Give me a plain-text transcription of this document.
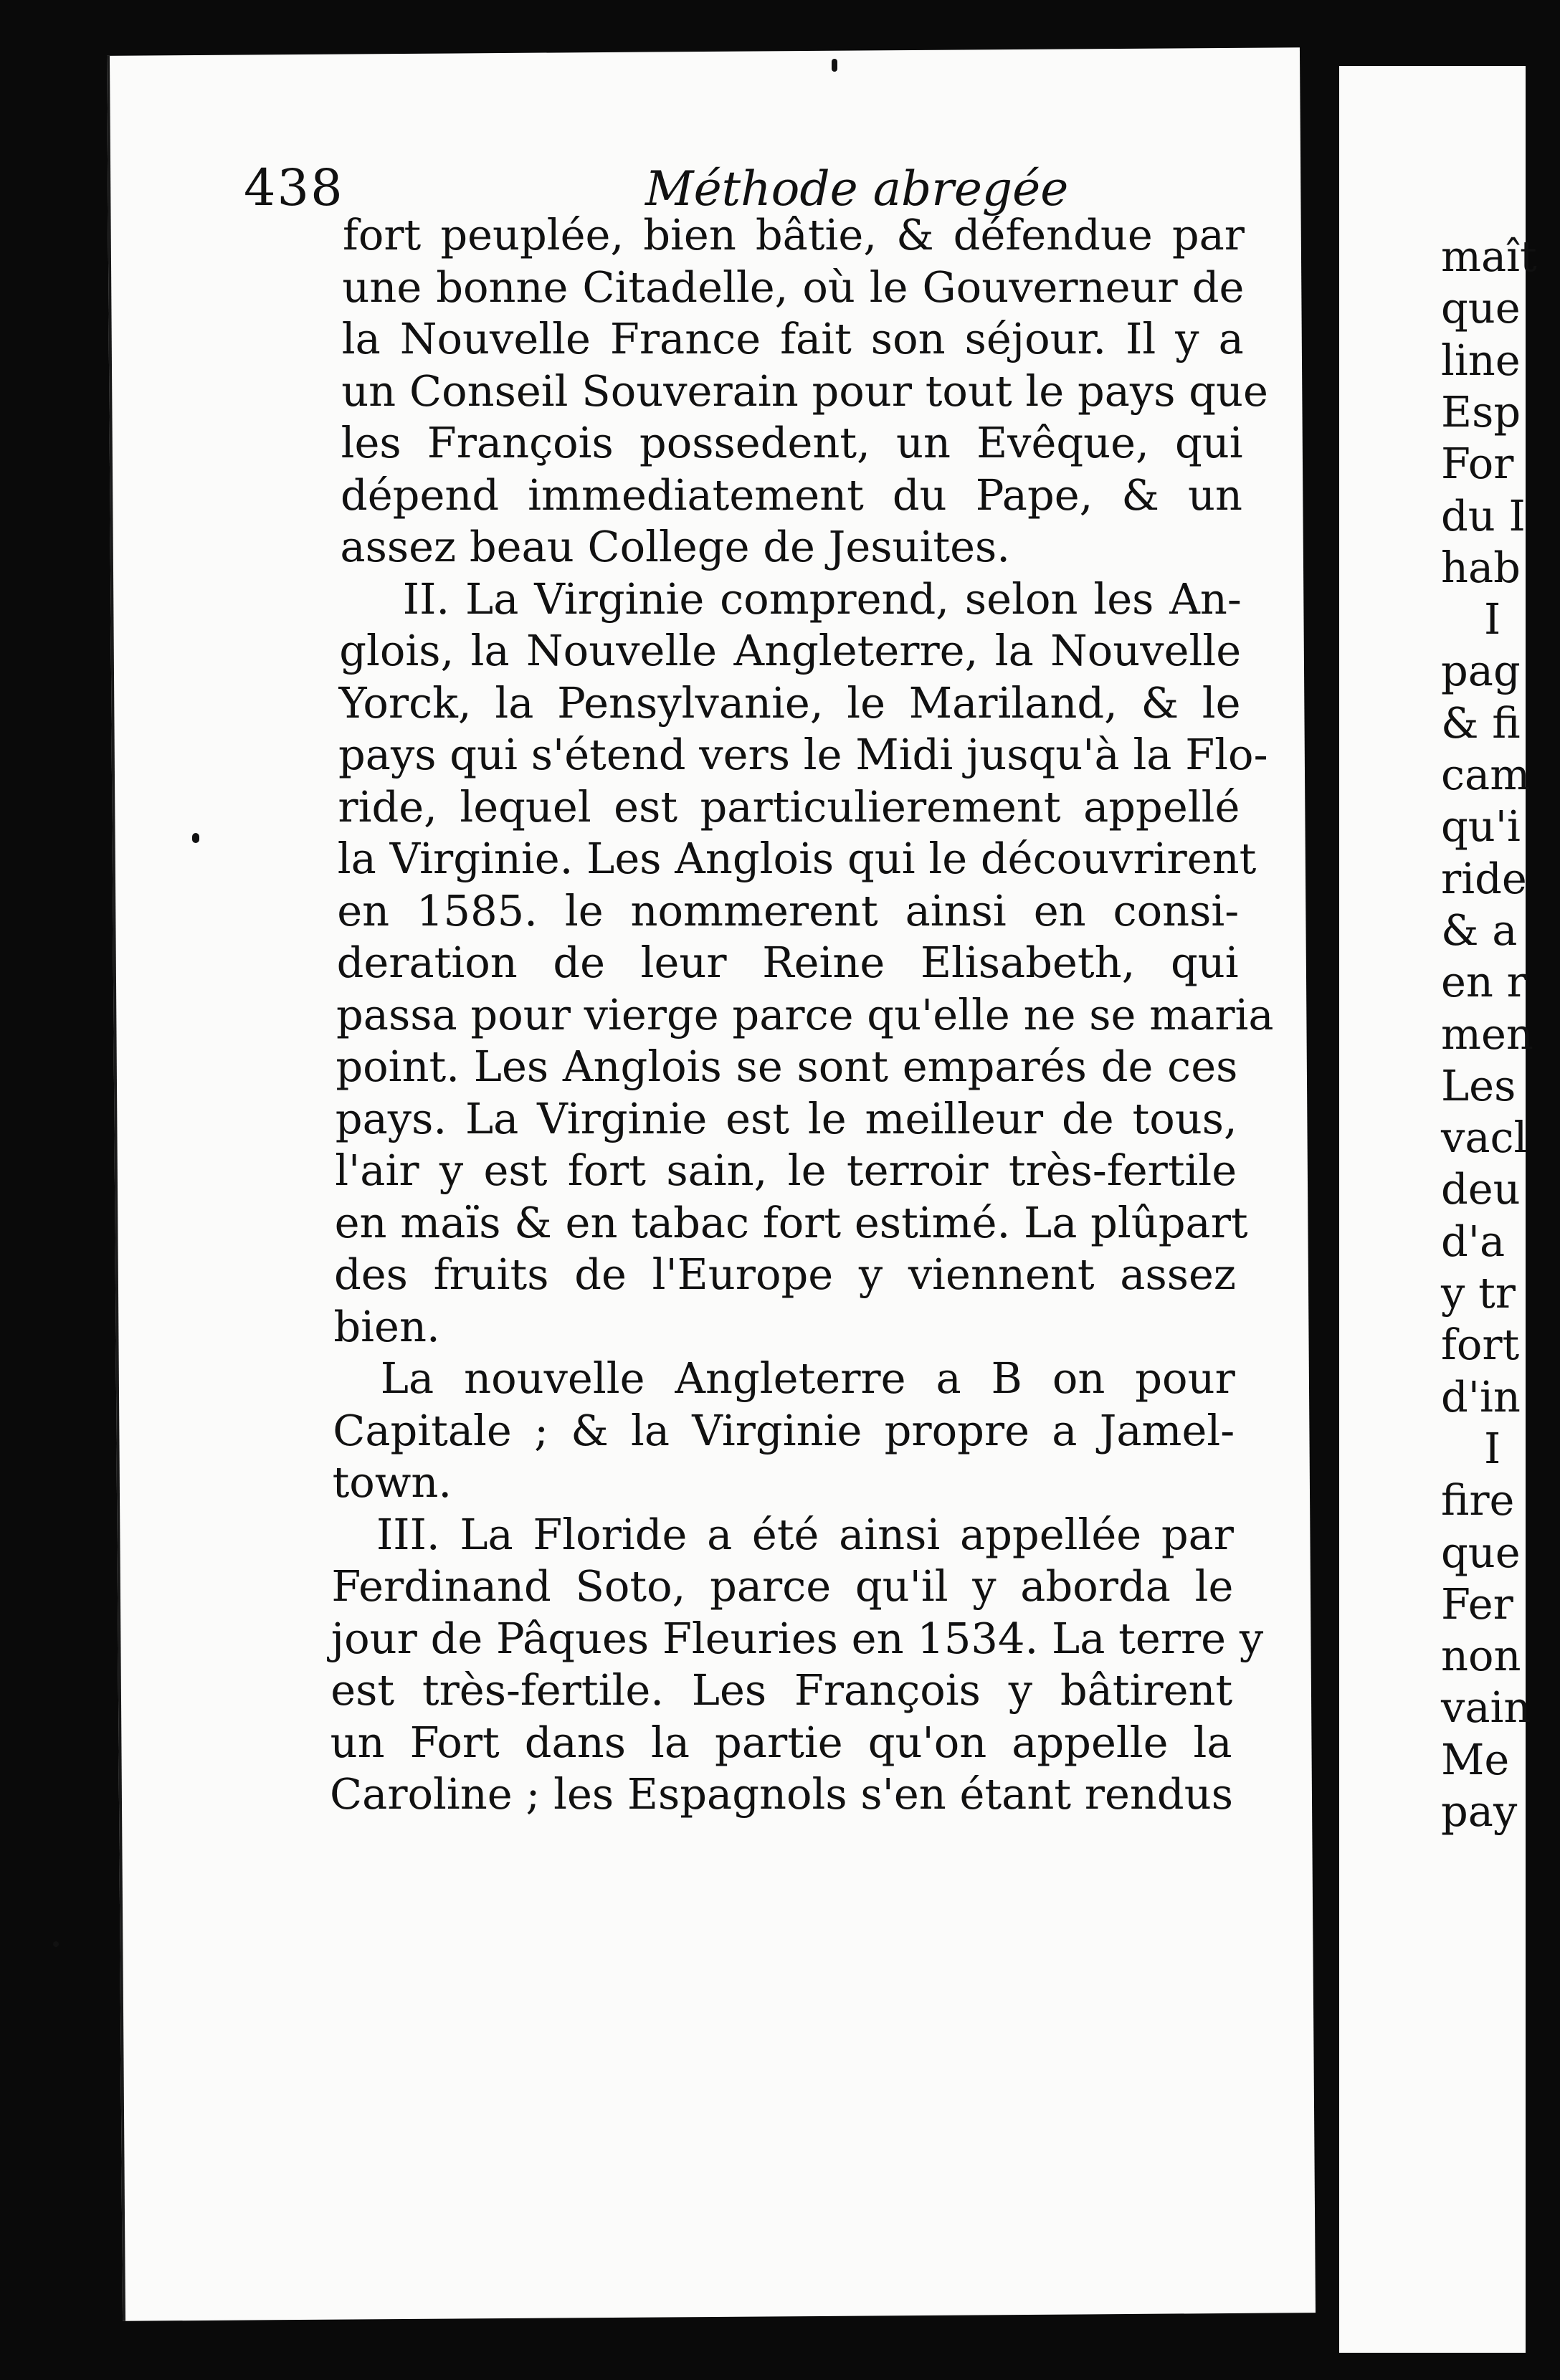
438	Méthode abregée
fort peuplée, bien bâtie, & défendue par
une bonne Citadelle, où le Gouverneur de
la Nouvelle France fait son séjour. Il y a
un Conseil Souverain pour tout le pays que
les François possedent, un Evêque, qui
dépend immediatement du Pape, & un
assez beau College de Jesuites.
II. La Virginie comprend, selon les An-
glois, la Nouvelle Angleterre, la Nouvelle
Yorck, la Pensylvanie, le Mariland, & le
pays qui s'étend vers le Midi jusqu'à la Flo-
ride, lequel est particulierement appellé
la Virginie. Les Anglois qui le découvrirent
en 1585. le nommerent ainsi en consi-
deration de leur Reine Elisabeth, qui
passa pour vierge parce qu'elle ne se maria
point. Les Anglois se sont emparés de ces
pays. La Virginie est le meilleur de tous,
l'air y est fort sain, le terroir très-fertile
en maïs & en tabac fort estimé. La plûpart
des fruits de l'Europe y viennent assez
bien.
La nouvelle Angleterre a B on pour
Capitale ; & la Virginie propre a Jamel-
town.
III. La Floride a été ainsi appellée par
Ferdinand Soto, parce qu'il y aborda le
jour de Pâques Fleuries en 1534. La terre y
est très-fertile. Les François y bâtirent
un Fort dans la partie qu'on appelle la
Caroline ; les Espagnols s'en étant rendus
maît
que
line
Esp
For
du I
hab
I
pag
& fi
cam
qu'i
ride
& a
en r
men
Les
vacl
deu
d'a
y tr
fort
d'in
I
fire
que
Fer
non
vain
Me
pay
